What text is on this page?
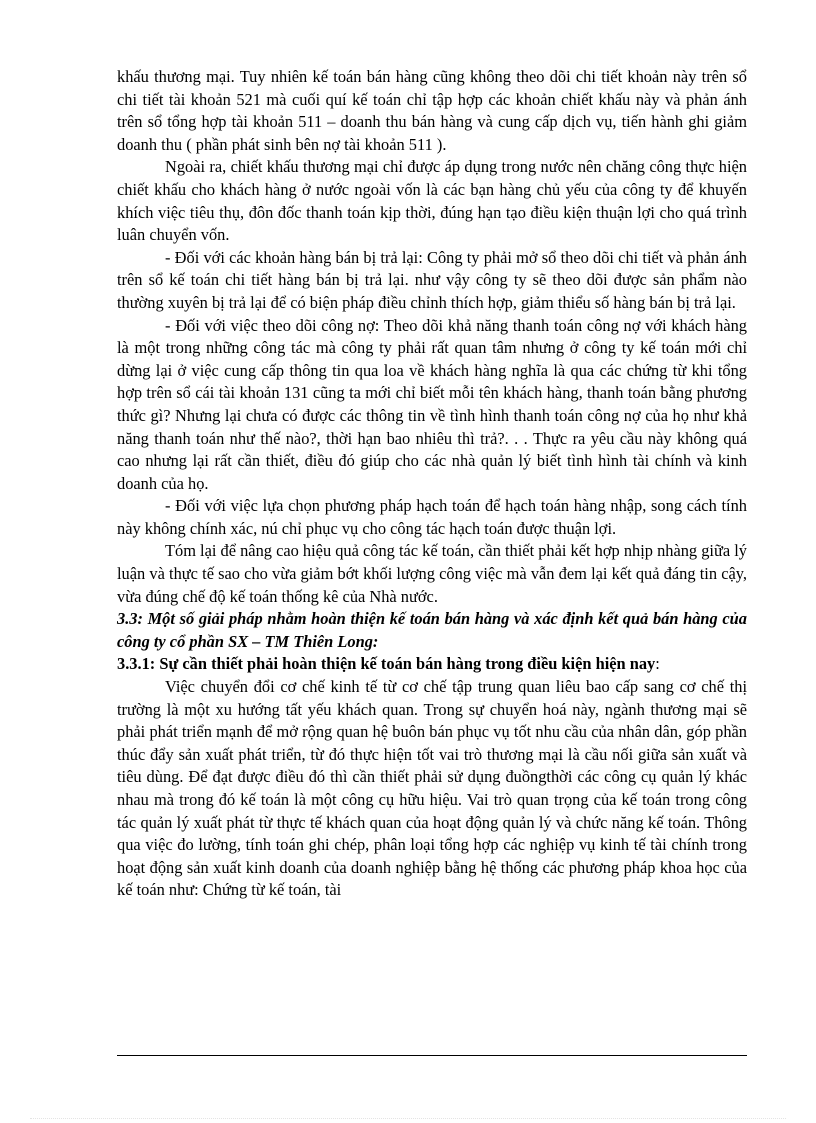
khấu thương mại. Tuy nhiên kế toán bán hàng cũng không theo dõi chi tiết khoản này trên sổ chi tiết tài khoản 521 mà cuối quí kế toán chỉ tập hợp các khoản chiết khấu này và phản ánh trên sổ tổng hợp tài khoản 511 – doanh thu bán hàng và cung cấp dịch vụ, tiến hành ghi giảm doanh thu ( phần phát sinh bên nợ tài khoản 511 ).

Ngoài ra, chiết khấu thương mại chỉ được áp dụng trong nước nên chăng công thực hiện chiết khấu cho khách hàng ở nước ngoài vốn là các bạn hàng chủ yếu của công ty để khuyến khích việc tiêu thụ, đôn đốc thanh toán kịp thời, đúng hạn tạo điều kiện thuận lợi cho quá trình luân chuyển vốn.

- Đối với các khoản hàng bán bị trả lại: Công ty phải mở sổ theo dõi chi tiết và phản ánh trên sổ kế toán chi tiết hàng bán bị trả lại. như vậy công ty sẽ theo dõi được sản phẩm nào thường xuyên bị trả lại để có biện pháp điều chỉnh thích hợp, giảm thiểu số hàng bán bị trả lại.

- Đối với việc theo dõi công nợ: Theo dõi khả năng thanh toán công nợ với khách hàng là một trong những công tác mà công ty phải rất quan tâm nhưng ở công ty kế toán mới chỉ dừng lại ở việc cung cấp thông tin qua loa về khách hàng nghĩa là qua các chứng từ khi tổng hợp trên sổ cái tài khoản 131 cũng ta mới chỉ biết mỗi tên khách hàng, thanh toán bằng phương thức gì? Nhưng lại chưa có được các thông tin về tình hình thanh toán công nợ của họ như khả năng thanh toán như thế nào?, thời hạn bao nhiêu thì trả?. . . Thực ra yêu cầu này không quá cao nhưng lại rất cần thiết, điều đó giúp cho các nhà quản lý biết tình hình tài chính và kinh doanh của họ.

- Đối với việc lựa chọn phương pháp hạch toán để hạch toán hàng nhập, song cách tính này không chính xác, nú chỉ phục vụ cho công tác hạch toán được thuận lợi.

Tóm lại để nâng cao hiệu quả công tác kế toán, cần thiết phải kết hợp nhịp nhàng giữa lý luận và thực tế sao cho vừa giảm bớt khối lượng công việc mà vẫn đem lại kết quả đáng tin cậy, vừa đúng chế độ kế toán thống kê của Nhà nước.

3.3: Một số giải pháp nhằm hoàn thiện kế toán bán hàng và xác định kết quả bán hàng của công ty cổ phần SX – TM Thiên Long:

3.3.1: Sự cần thiết phải hoàn thiện kế toán bán hàng trong điều kiện hiện nay:

Việc chuyển đổi cơ chế kinh tế từ cơ chế tập trung quan liêu bao cấp sang cơ chế thị trường là một xu hướng tất yếu khách quan. Trong sự chuyển hoá này, ngành thương mại sẽ phải phát triển mạnh để mở rộng quan hệ buôn bán phục vụ tốt nhu cầu của nhân dân, góp phần thúc đẩy sản xuất phát triển, từ đó thực hiện tốt vai trò thương mại là cầu nối giữa sản xuất và tiêu dùng. Để đạt được điều đó thì cần thiết phải sử dụng đuồngthời các công cụ quản lý khác nhau mà trong đó kế toán là một công cụ hữu hiệu. Vai trò quan trọng của kế toán trong công tác quản lý xuất phát từ thực tế khách quan của hoạt động quản lý và chức năng kế toán. Thông qua việc đo lường, tính toán ghi chép, phân loại tổng hợp các nghiệp vụ kinh tế tài chính trong hoạt động sản xuất kinh doanh của doanh nghiệp bằng hệ thống các phương pháp khoa học của kế toán như: Chứng từ kế toán, tài
